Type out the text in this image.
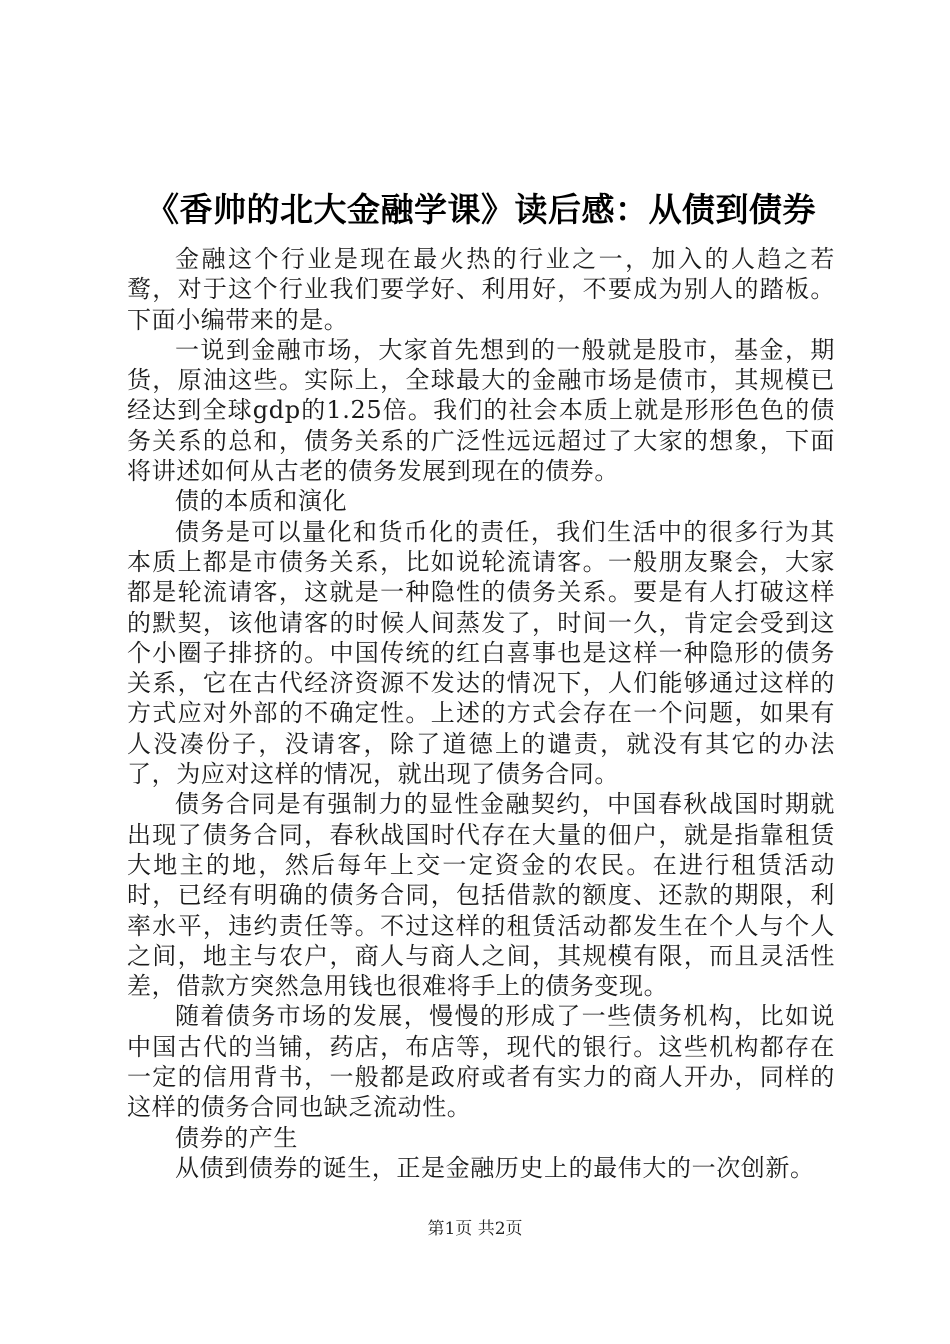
《香帅的北大金融学课》读后感：从债到债券

金融这个行业是现在最火热的行业之一，加入的人趋之若鹜，对于这个行业我们要学好、利用好，不要成为别人的踏板。下面小编带来的是。

一说到金融市场，大家首先想到的一般就是股市，基金，期货，原油这些。实际上，全球最大的金融市场是债市，其规模已经达到全球gdp的1.25倍。我们的社会本质上就是形形色色的债务关系的总和，债务关系的广泛性远远超过了大家的想象，下面将讲述如何从古老的债务发展到现在的债券。

债的本质和演化

债务是可以量化和货币化的责任，我们生活中的很多行为其本质上都是市债务关系，比如说轮流请客。一般朋友聚会，大家都是轮流请客，这就是一种隐性的债务关系。要是有人打破这样的默契，该他请客的时候人间蒸发了，时间一久，肯定会受到这个小圈子排挤的。中国传统的红白喜事也是这样一种隐形的债务关系，它在古代经济资源不发达的情况下，人们能够通过这样的方式应对外部的不确定性。上述的方式会存在一个问题，如果有人没凑份子，没请客，除了道德上的谴责，就没有其它的办法了，为应对这样的情况，就出现了债务合同。

债务合同是有强制力的显性金融契约，中国春秋战国时期就出现了债务合同，春秋战国时代存在大量的佃户，就是指靠租赁大地主的地，然后每年上交一定资金的农民。在进行租赁活动时，已经有明确的债务合同，包括借款的额度、还款的期限，利率水平，违约责任等。不过这样的租赁活动都发生在个人与个人之间，地主与农户，商人与商人之间，其规模有限，而且灵活性差，借款方突然急用钱也很难将手上的债务变现。

随着债务市场的发展，慢慢的形成了一些债务机构，比如说中国古代的当铺，药店，布店等，现代的银行。这些机构都存在一定的信用背书，一般都是政府或者有实力的商人开办，同样的这样的债务合同也缺乏流动性。

债券的产生

从债到债券的诞生，正是金融历史上的最伟大的一次创新。

第1页 共2页
